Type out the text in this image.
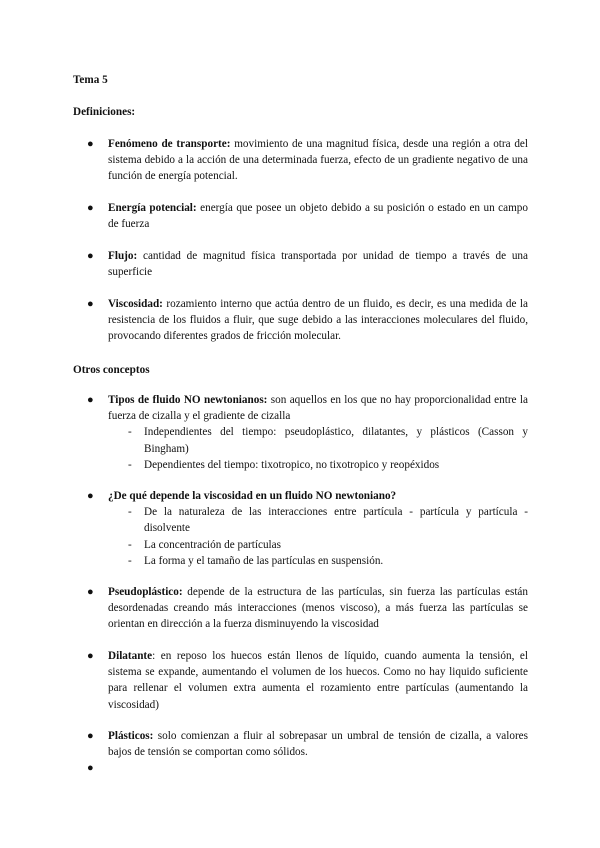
Tema 5
Definiciones:
● Fenómeno de transporte: movimiento de una magnitud física, desde una región a otra del sistema debido a la acción de una determinada fuerza, efecto de un gradiente negativo de una función de energía potencial.
● Energía potencial: energía que posee un objeto debido a su posición o estado en un campo de fuerza
● Flujo: cantidad de magnitud física transportada por unidad de tiempo a través de una superficie
● Viscosidad: rozamiento interno que actúa dentro de un fluido, es decir, es una medida de la resistencia de los fluidos a fluir, que suge debido a las interacciones moleculares del fluido, provocando diferentes grados de fricción molecular.
Otros conceptos
● Tipos de fluido NO newtonianos: son aquellos en los que no hay proporcionalidad entre la fuerza de cizalla y el gradiente de cizalla
- Independientes del tiempo: pseudoplástico, dilatantes, y plásticos (Casson y Bingham)
- Dependientes del tiempo: tixotropico, no tixotropico y reopéxidos
● ¿De qué depende la viscosidad en un fluido NO newtoniano?
- De la naturaleza de las interacciones entre partícula - partícula y partícula - disolvente
- La concentración de partículas
- La forma y el tamaño de las partículas en suspensión.
● Pseudoplástico: depende de la estructura de las partículas, sin fuerza las partículas están desordenadas creando más interacciones (menos viscoso), a más fuerza las partículas se orientan en dirección a la fuerza disminuyendo la viscosidad
● Dilatante: en reposo los huecos están llenos de líquido, cuando aumenta la tensión, el sistema se expande, aumentando el volumen de los huecos. Como no hay liquido suficiente para rellenar el volumen extra aumenta el rozamiento entre partículas (aumentando la viscosidad)
● Plásticos: solo comienzan a fluir al sobrepasar un umbral de tensión de cizalla, a valores bajos de tensión se comportan como sólidos.
●
